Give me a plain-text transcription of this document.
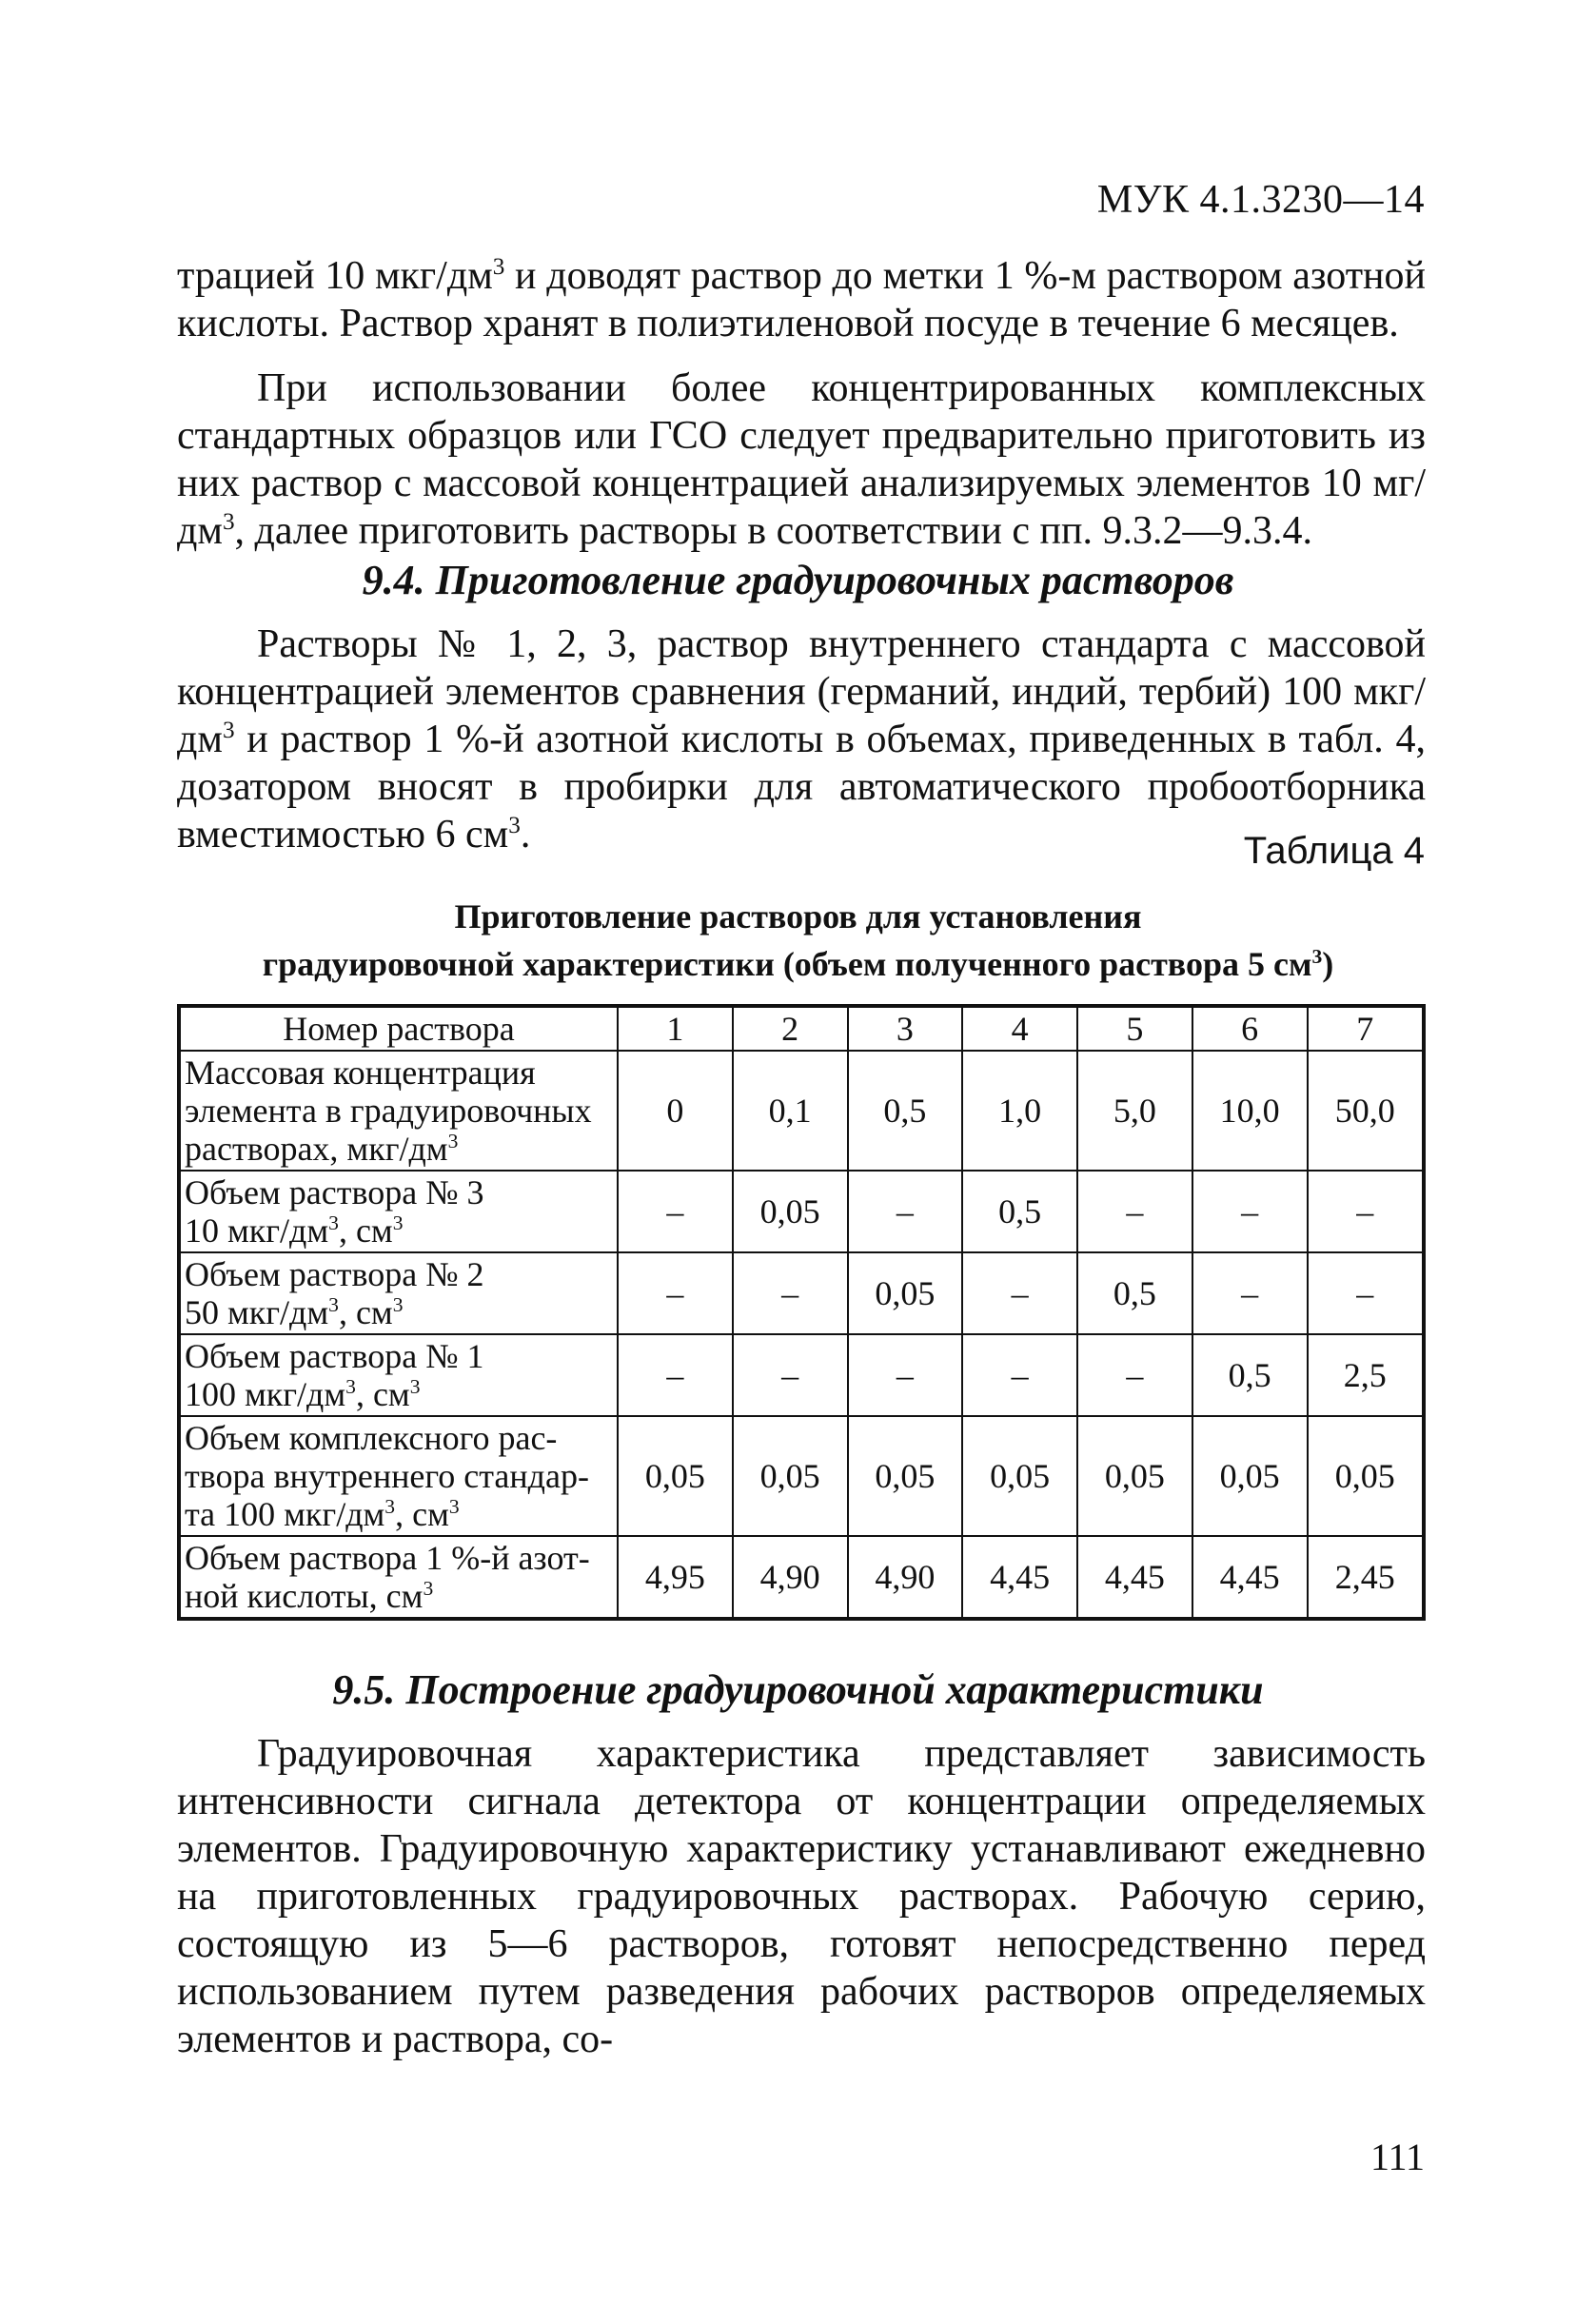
МУК 4.1.3230—14

трацией 10 мкг/$дм^3$ и доводят раствор до метки 1 %-м раствором азотной кислоты. Раствор хранят в полиэтиленовой посуде в течение 6 месяцев.

При использовании более концентрированных комплексных стандартных образцов или ГСО следует предварительно приготовить из них раствор с массовой концентрацией анализируемых элементов 10 $мг/дм^3$, далее приготовить растворы в соответствии с пп. 9.3.2—9.3.4.

9.4. Приготовление градуировочных растворов

Растворы № 1, 2, 3, раствор внутреннего стандарта с массовой концентрацией элементов сравнения (германий, индий, тербий) 100 мкг/$дм^3$ и раствор 1 %-й азотной кислоты в объемах, приведенных в табл. 4, дозатором вносят в пробирки для автоматического пробоотборника вместимостью 6 $см^3$.	Таблица 4
Приготовление растворов для установления
градуировочной характеристики (объем полученного раствора 5 $см^3$)
Номер раствора	1	2	3	4	5	6	7

Массовая концентрация
элемента в градуировочных
растворах, мкг/$дм^3$	0	0,1	0,5	1,0	5,0	10,0	50,0

Объем раствора № 3
10 мкг/$дм^3$, $см^3$	–	0,05	–	0,5	–	–	–

Объем раствора № 2
50 мкг/$дм^3$, $см^3$	–	–	0,05	–	0,5	–	–

Объем раствора № 1
100 мкг/$дм^3$, $см^3$	–	–	–	–	–	0,5	2,5

Объем комплексного рас-
твора внутреннего стандар-
та 100 мкг/$дм^3$, $см^3$	0,05	0,05	0,05	0,05	0,05	0,05	0,05

Объем раствора 1 %-й азот-
ной кислоты, $см^3$	4,95	4,90	4,90	4,45	4,45	4,45	2,45
9.5. Построение градуировочной характеристики

Градуировочная характеристика представляет зависимость интенсивности сигнала детектора от концентрации определяемых элементов. Градуировочную характеристику устанавливают ежедневно на приготовленных градуировочных растворах. Рабочую серию, состоящую из 5—6 растворов, готовят непосредственно перед использованием путем разведения рабочих растворов определяемых элементов и раствора, со-

111
